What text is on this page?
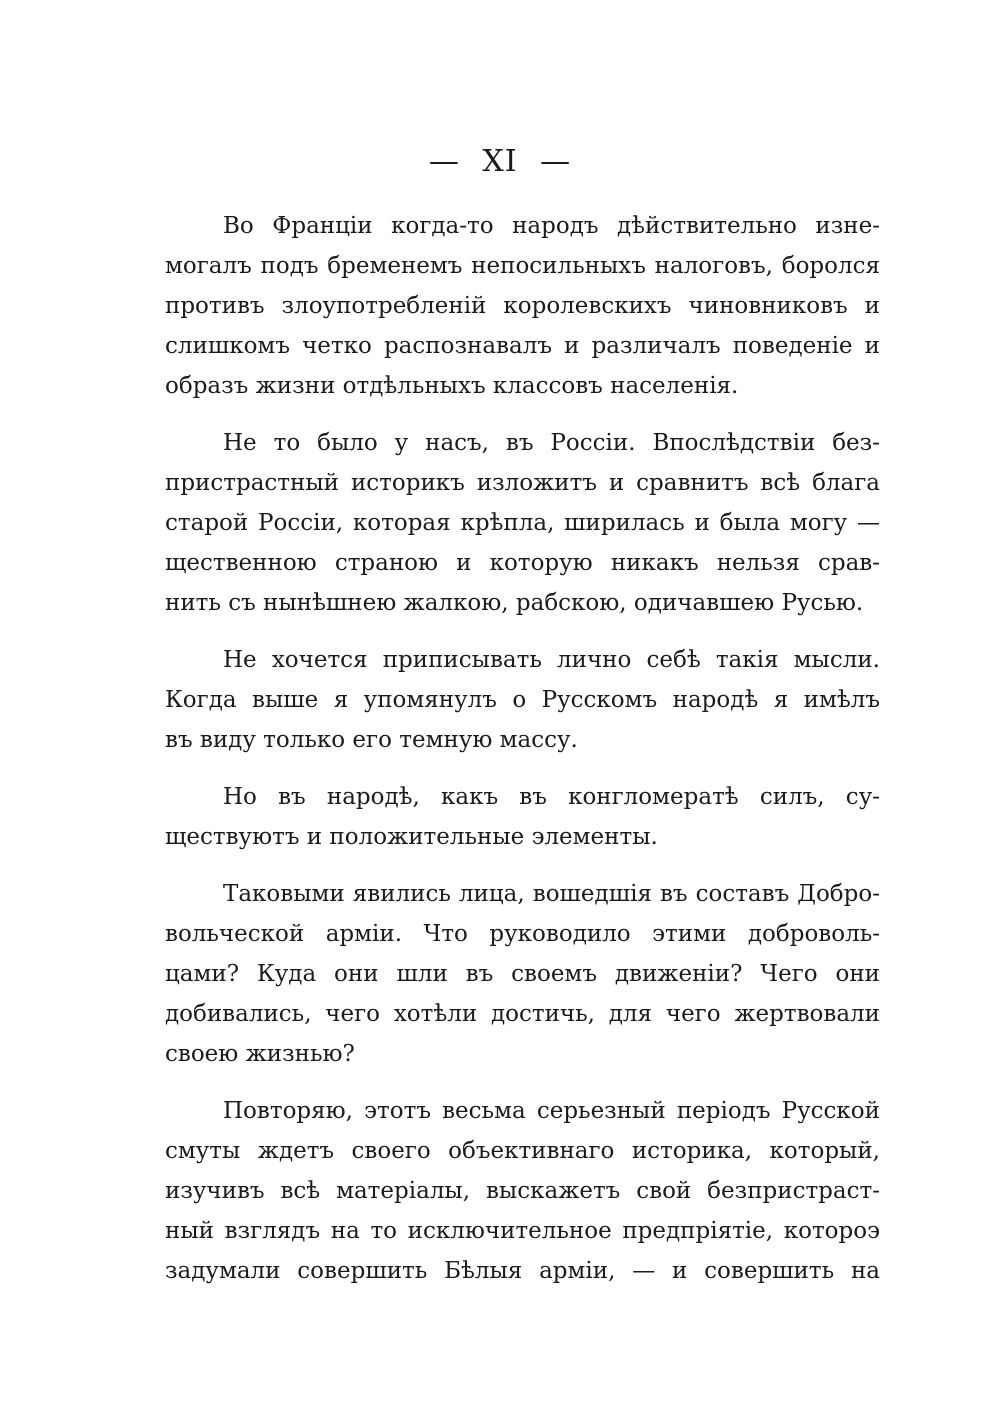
— XI —
Во Франціи когда-то народъ дѣйствительно изне-
могалъ подъ бременемъ непосильныхъ налоговъ, боролся
противъ злоупотребленій королевскихъ чиновниковъ и
слишкомъ четко распознавалъ и различалъ поведеніе и
образъ жизни отдѣльныхъ классовъ населенія.
Не то было у насъ, въ Россіи. Впослѣдствіи без-
пристрастный историкъ изложитъ и сравнитъ всѣ блага
старой Россіи, которая крѣпла, ширилась и была могу —
щественною страною и которую никакъ нельзя срав-
нить съ нынѣшнею жалкою, рабскою, одичавшею Русью.
Не хочется приписывать лично себѣ такія мысли.
Когда выше я упомянулъ о Русскомъ народѣ я имѣлъ
въ виду только его темную массу.
Но въ народѣ, какъ въ конгломератѣ силъ, су-
ществуютъ и положительные элементы.
Таковыми явились лица, вошедшія въ составъ Добро-
вольческой арміи. Что руководило этими доброволь-
цами? Куда они шли въ своемъ движеніи? Чего они
добивались, чего хотѣли достичь, для чего жертвовали
своею жизнью?
Повторяю, этотъ весьма серьезный періодъ Русской
смуты ждетъ своего объективнаго историка, который,
изучивъ всѣ матеріалы, выскажетъ свой безпристраст-
ный взглядъ на то исключительное предпріятіе, котороэ
задумали совершить Бѣлыя арміи, — и совершить на
